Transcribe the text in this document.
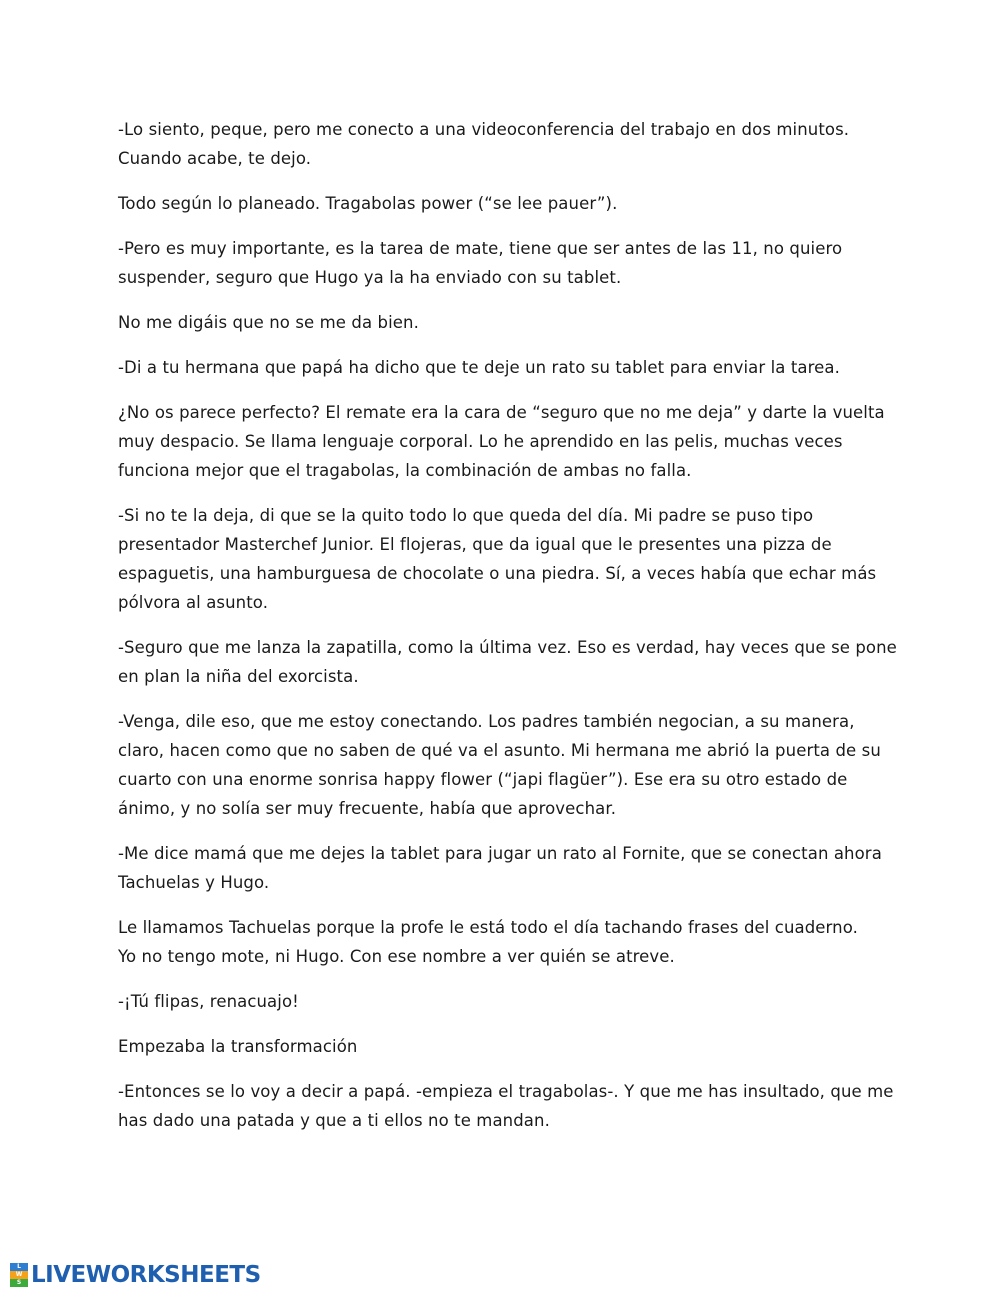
-Lo siento, peque, pero me conecto a una videoconferencia del trabajo en dos minutos.
Cuando acabe, te dejo.

Todo según lo planeado. Tragabolas power (“se lee pauer”).

-Pero es muy importante, es la tarea de mate, tiene que ser antes de las 11, no quiero
suspender, seguro que Hugo ya la ha enviado con su tablet.

No me digáis que no se me da bien.

-Di a tu hermana que papá ha dicho que te deje un rato su tablet para enviar la tarea.

¿No os parece perfecto? El remate era la cara de “seguro que no me deja” y darte la vuelta
muy despacio. Se llama lenguaje corporal. Lo he aprendido en las pelis, muchas veces
funciona mejor que el tragabolas, la combinación de ambas no falla.

-Si no te la deja, di que se la quito todo lo que queda del día. Mi padre se puso tipo
presentador Masterchef Junior. El flojeras, que da igual que le presentes una pizza de
espaguetis, una hamburguesa de chocolate o una piedra. Sí, a veces había que echar más
pólvora al asunto.

-Seguro que me lanza la zapatilla, como la última vez. Eso es verdad, hay veces que se pone
en plan la niña del exorcista.

-Venga, dile eso, que me estoy conectando. Los padres también negocian, a su manera,
claro, hacen como que no saben de qué va el asunto. Mi hermana me abrió la puerta de su
cuarto con una enorme sonrisa happy flower (“japi flagüer”). Ese era su otro estado de
ánimo, y no solía ser muy frecuente, había que aprovechar.

-Me dice mamá que me dejes la tablet para jugar un rato al Fornite, que se conectan ahora
Tachuelas y Hugo.

Le llamamos Tachuelas porque la profe le está todo el día tachando frases del cuaderno.
Yo no tengo mote, ni Hugo. Con ese nombre a ver quién se atreve.

-¡Tú flipas, renacuajo!

Empezaba la transformación

-Entonces se lo voy a decir a papá. -empieza el tragabolas-. Y que me has insultado, que me
has dado una patada y que a ti ellos no te mandan.

L
W
S LIVEWORKSHEETS
